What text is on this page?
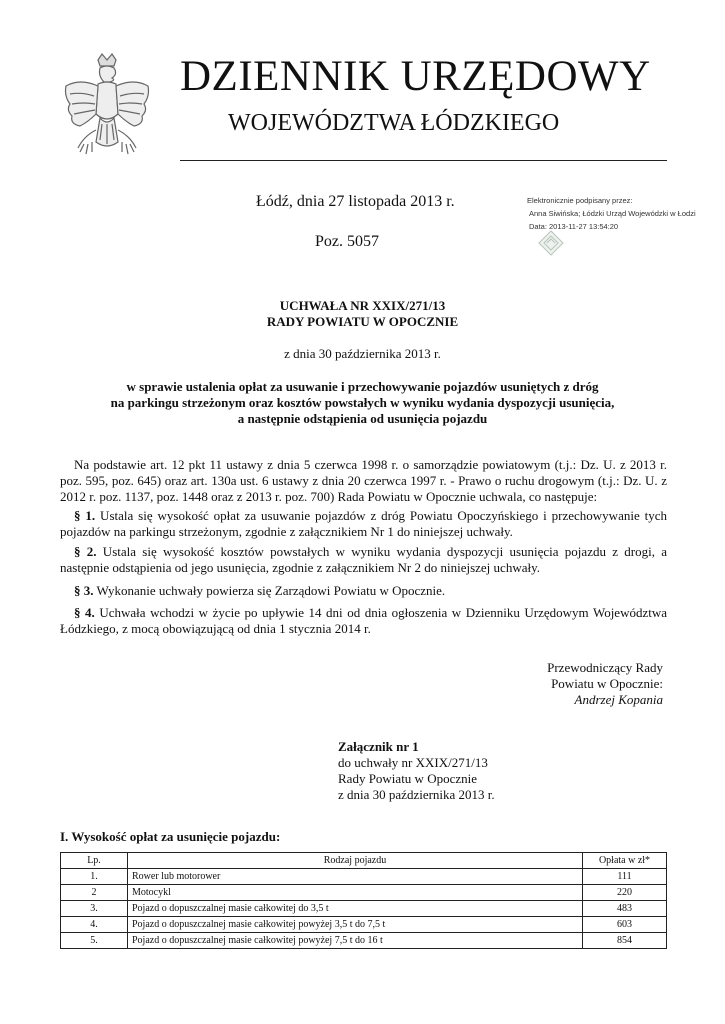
DZIENNIK URZĘDOWY
WOJEWÓDZTWA ŁÓDZKIEGO
Łódź, dnia 27 listopada 2013 r.
Poz. 5057
Elektronicznie podpisany przez:
Anna Siwińska; Łódzki Urząd Wojewódzki w Łodzi
Data: 2013-11-27 13:54:20
UCHWAŁA NR XXIX/271/13
RADY POWIATU W OPOCZNIE
z dnia 30 października 2013 r.
w sprawie ustalenia opłat za usuwanie i przechowywanie pojazdów usuniętych z dróg
na parkingu strzeżonym oraz kosztów powstałych w wyniku wydania dyspozycji usunięcia,
a następnie odstąpienia od usunięcia pojazdu
Na podstawie art. 12 pkt 11 ustawy z dnia 5 czerwca 1998 r. o samorządzie powiatowym (t.j.: Dz. U. z 2013 r. poz. 595, poz. 645) oraz art. 130a ust. 6 ustawy z dnia 20 czerwca 1997 r. - Prawo o ruchu drogowym (t.j.: Dz. U. z 2012 r. poz. 1137, poz. 1448 oraz z 2013 r. poz. 700) Rada Powiatu w Opocznie uchwala, co następuje:
§ 1. Ustala się wysokość opłat za usuwanie pojazdów z dróg Powiatu Opoczyńskiego i przechowywanie tych pojazdów na parkingu strzeżonym, zgodnie z załącznikiem Nr 1 do niniejszej uchwały.
§ 2. Ustala się wysokość kosztów powstałych w wyniku wydania dyspozycji usunięcia pojazdu z drogi, a następnie odstąpienia od jego usunięcia, zgodnie z załącznikiem Nr 2 do niniejszej uchwały.
§ 3. Wykonanie uchwały powierza się Zarządowi Powiatu w Opocznie.
§ 4. Uchwała wchodzi w życie po upływie 14 dni od dnia ogłoszenia w Dzienniku Urzędowym Województwa Łódzkiego, z mocą obowiązującą od dnia 1 stycznia 2014 r.
Przewodniczący Rady
Powiatu w Opocznie:
Andrzej Kopania
Załącznik nr 1
do uchwały nr XXIX/271/13
Rady Powiatu w Opocznie
z dnia 30 października 2013 r.
I. Wysokość opłat za usunięcie pojazdu:
Lp.	Rodzaj pojazdu	Opłata w zł*
1.	Rower lub motorower	111
2	Motocykl	220
3.	Pojazd o dopuszczalnej masie całkowitej do 3,5 t	483
4.	Pojazd o dopuszczalnej masie całkowitej powyżej 3,5 t do 7,5 t	603
5.	Pojazd o dopuszczalnej masie całkowitej powyżej 7,5 t do 16 t	854
